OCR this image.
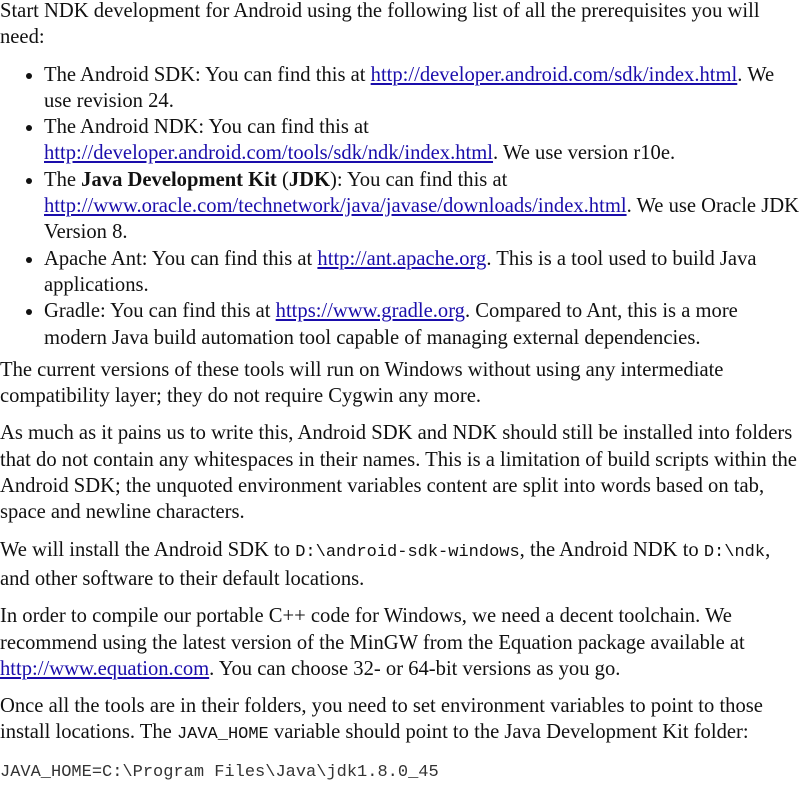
Start NDK development for Android using the following list of all the prerequisites you will need:

• The Android SDK: You can find this at http://developer.android.com/sdk/index.html. We use revision 24.
• The Android NDK: You can find this at http://developer.android.com/tools/sdk/ndk/index.html. We use version r10e.
• The Java Development Kit (JDK): You can find this at http://www.oracle.com/technetwork/java/javase/downloads/index.html. We use Oracle JDK Version 8.
• Apache Ant: You can find this at http://ant.apache.org. This is a tool used to build Java applications.
• Gradle: You can find this at https://www.gradle.org. Compared to Ant, this is a more modern Java build automation tool capable of managing external dependencies.

The current versions of these tools will run on Windows without using any intermediate compatibility layer; they do not require Cygwin any more.

As much as it pains us to write this, Android SDK and NDK should still be installed into folders that do not contain any whitespaces in their names. This is a limitation of build scripts within the Android SDK; the unquoted environment variables content are split into words based on tab, space and newline characters.

We will install the Android SDK to D:\android-sdk-windows, the Android NDK to D:\ndk, and other software to their default locations.

In order to compile our portable C++ code for Windows, we need a decent toolchain. We recommend using the latest version of the MinGW from the Equation package available at http://www.equation.com. You can choose 32- or 64-bit versions as you go.

Once all the tools are in their folders, you need to set environment variables to point to those install locations. The JAVA_HOME variable should point to the Java Development Kit folder:

JAVA_HOME=C:\Program Files\Java\jdk1.8.0_45
